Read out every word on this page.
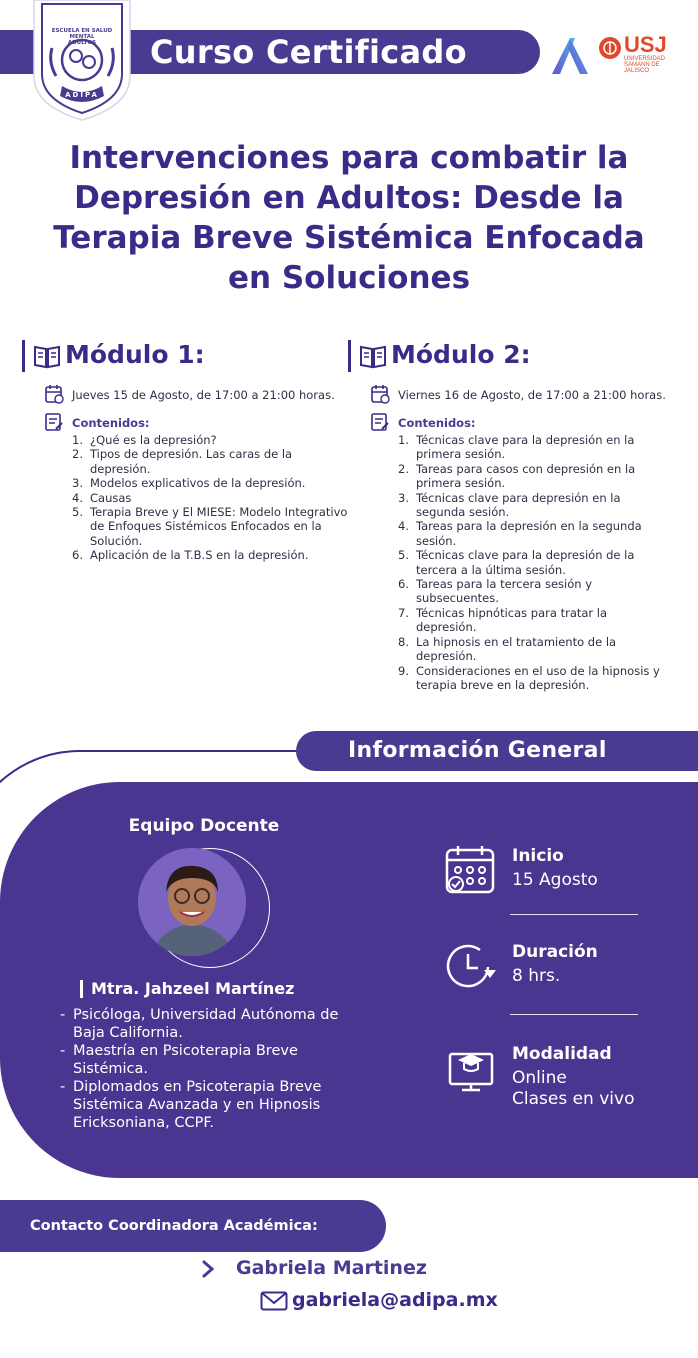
Curso Certificado
ESCUELA EN SALUD MENTAL
ADULTOS
ADIPA
USJ
UNIVERSIDAD
SAMANN DE
JALISCO
Intervenciones para combatir la
Depresión en Adultos: Desde la
Terapia Breve Sistémica Enfocada
en Soluciones
Módulo 1:
Jueves 15 de Agosto, de 17:00 a 21:00 horas.
Contenidos:
1. ¿Qué es la depresión?
2. Tipos de depresión. Las caras de la
depresión.
3. Modelos explicativos de la depresión.
4. Causas
5. Terapia Breve y El MIESE: Modelo Integrativo
de Enfoques Sistémicos Enfocados en la
Solución.
6. Aplicación de la T.B.S en la depresión.
Módulo 2:
Viernes 16 de Agosto, de 17:00 a 21:00 horas.
Contenidos:
1. Técnicas clave para la depresión en la
primera sesión.
2. Tareas para casos con depresión en la
primera sesión.
3. Técnicas clave para depresión en la
segunda sesión.
4. Tareas para la depresión en la segunda
sesión.
5. Técnicas clave para la depresión de la
tercera a la última sesión.
6. Tareas para la tercera sesión y
subsecuentes.
7. Técnicas hipnóticas para tratar la
depresión.
8. La hipnosis en el tratamiento de la
depresión.
9. Consideraciones en el uso de la hipnosis y
terapia breve en la depresión.
Información General
Equipo Docente
Mtra. Jahzeel Martínez
- Psicóloga, Universidad Autónoma de
Baja California.
- Maestría en Psicoterapia Breve
Sistémica.
- Diplomados en Psicoterapia Breve
Sistémica Avanzada y en Hipnosis
Ericksoniana, CCPF.
Inicio
15 Agosto
Duración
8 hrs.
Modalidad
Online
Clases en vivo
Contacto Coordinadora Académica:
Gabriela Martinez
gabriela@adipa.mx
